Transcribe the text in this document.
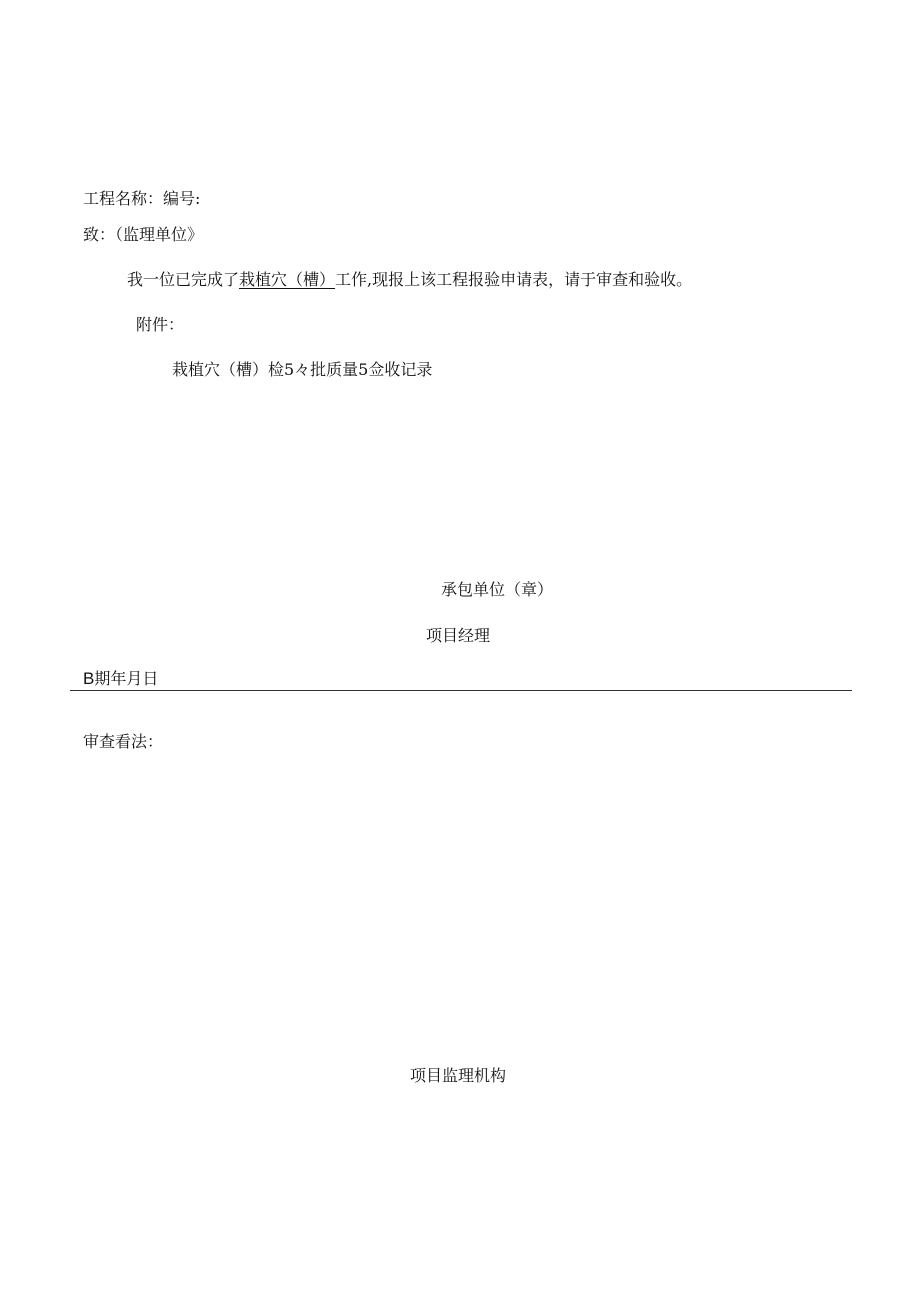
工程名称：编号:
致：（监理单位》
我一位已完成了栽植穴（槽）工作,现报上该工程报验申请表，请于审查和验收。
附件：
栽植穴（槽）检5々批质量5佥收记录
承包单位（章）
项目经理
B期年月日
审查看法：
项目监理机构
